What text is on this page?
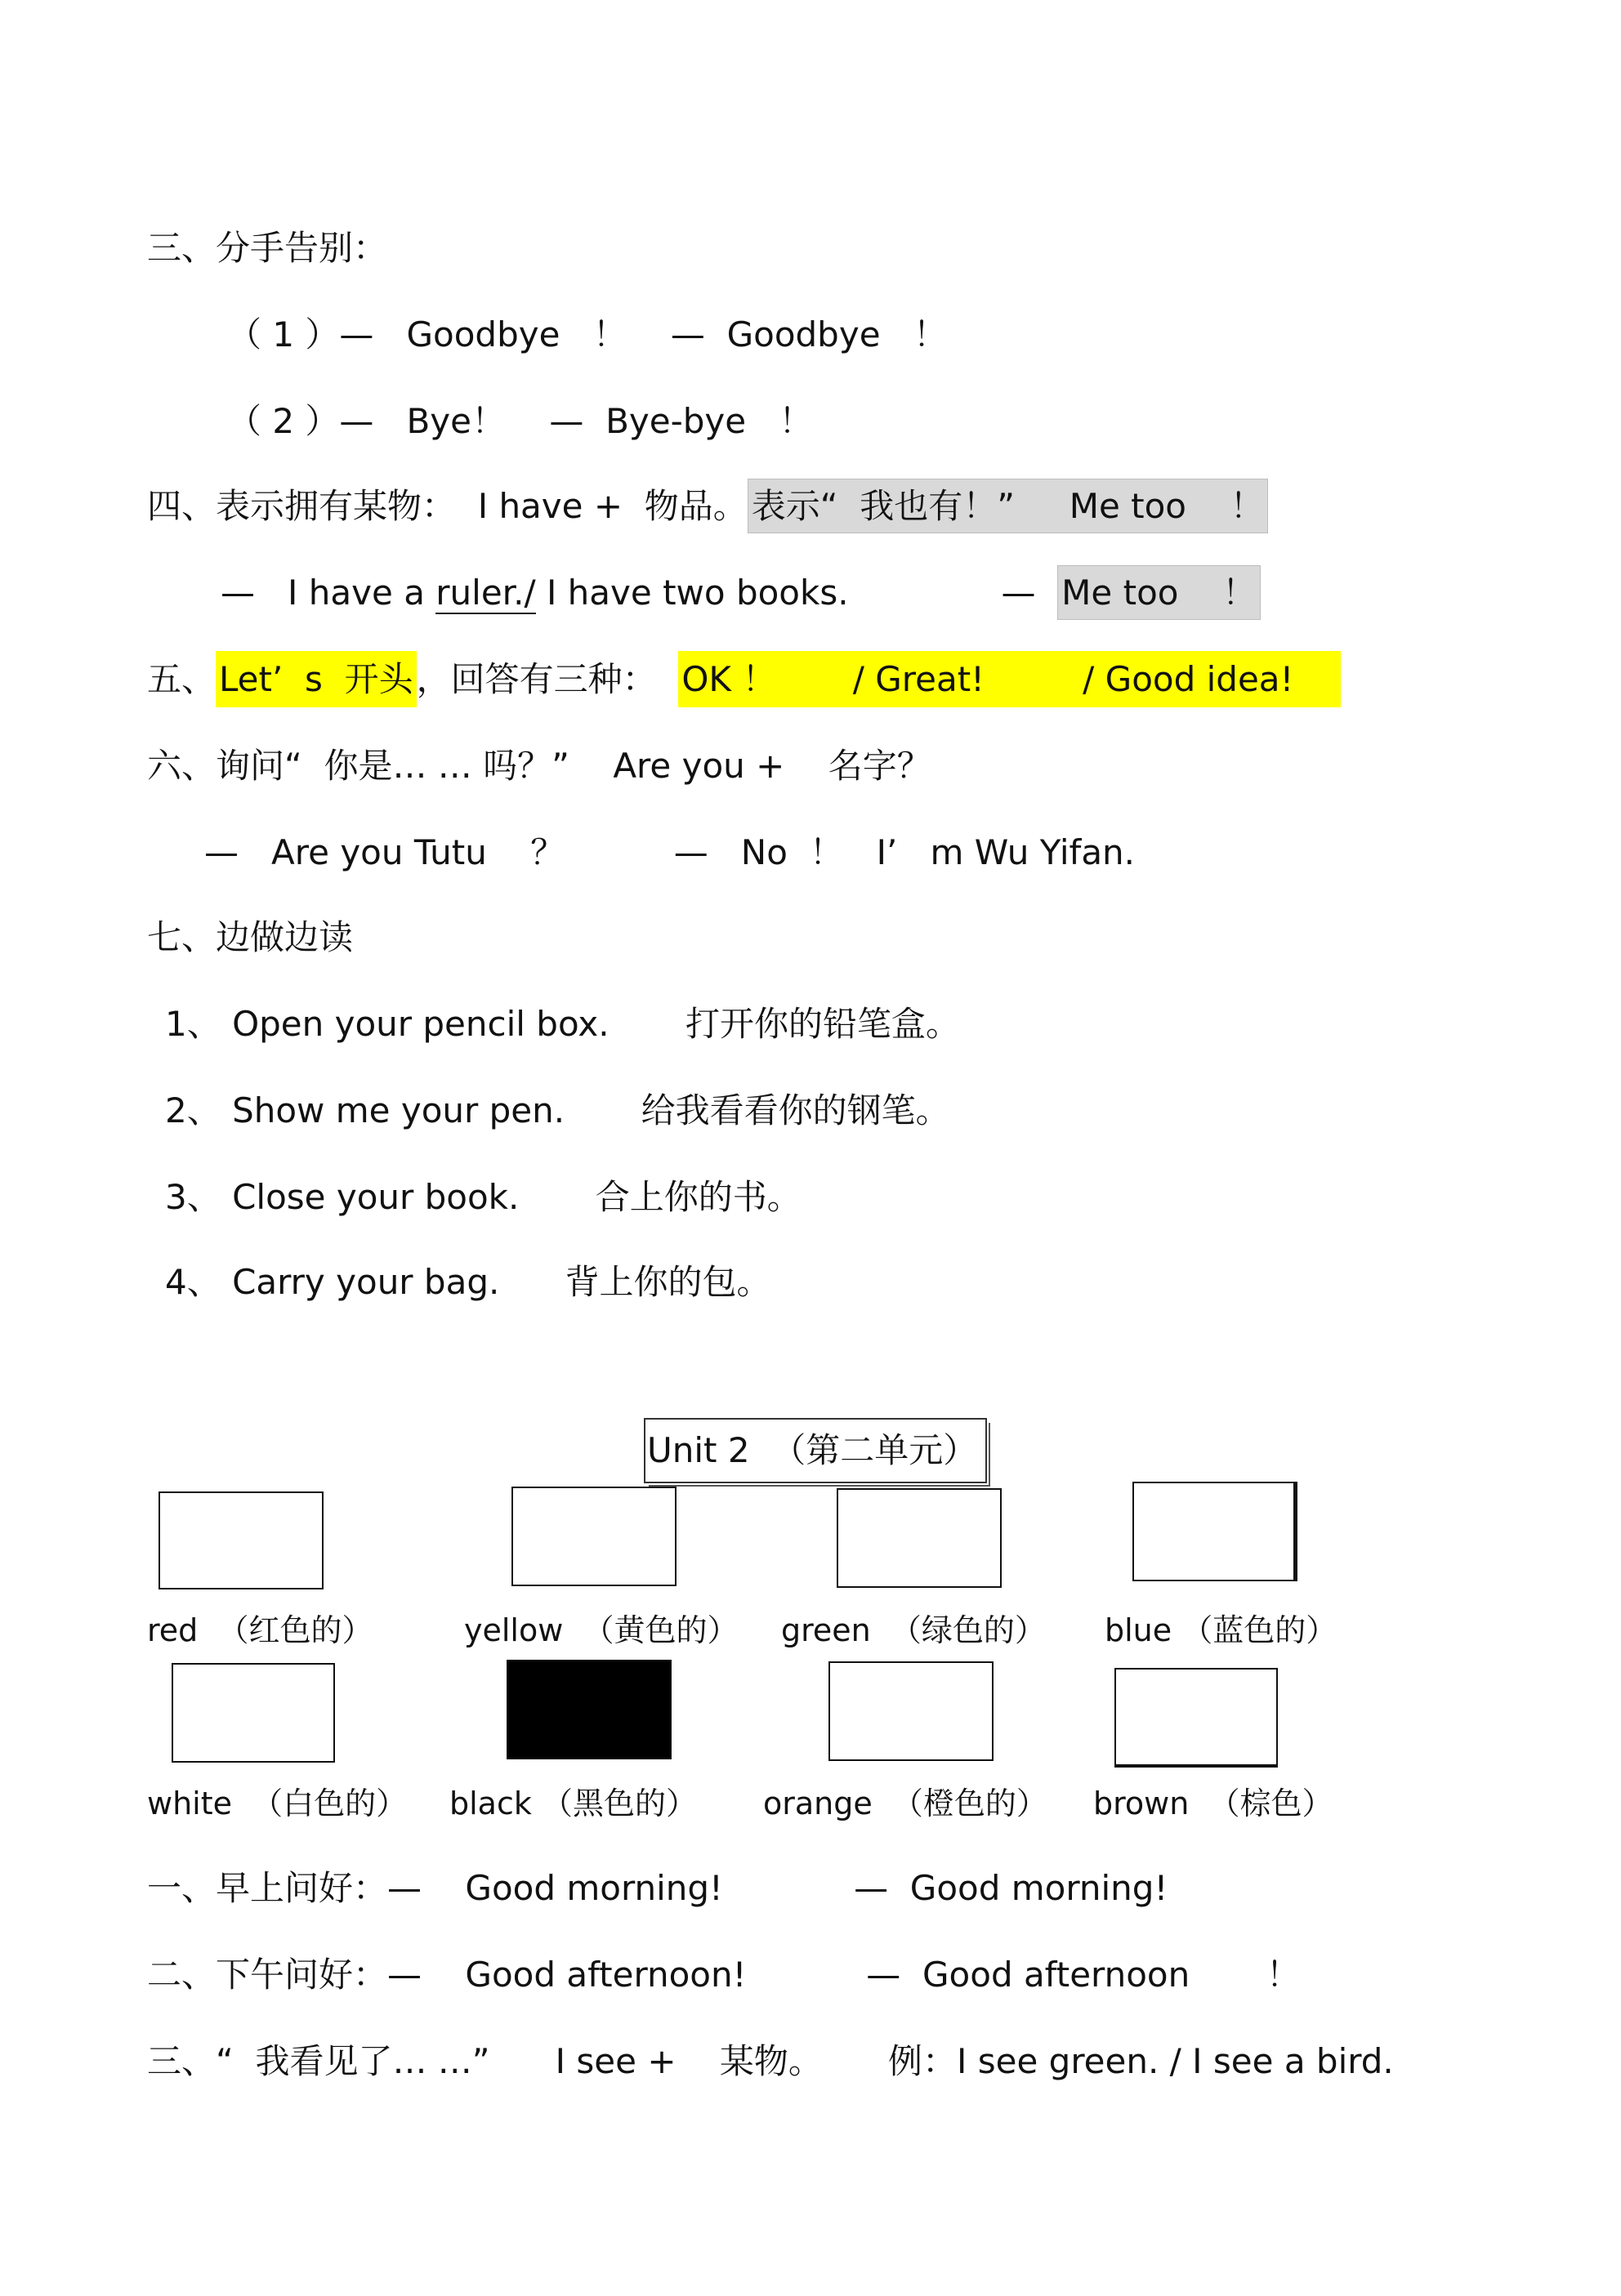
三、分手告别：
（ 1 ）—   Goodbye   ！    —  Goodbye   ！
（ 2 ）—   Bye！    —  Bye-bye   ！
四、表示拥有某物：  I have +  物品。 表示“  我也有！”     Me too    ！
—   I have a ruler./ I have two books.              —  Me too    ！
五、Let’  s  开头，回答有三种：  OK ！       / Great!         / Good idea!
六、询问“  你是… … 吗？”    Are you +    名字？
—   Are you Tutu    ？          —   No  ！   I’   m Wu Yifan.
七、边做边读
1、 Open your pencil box.       打开你的铅笔盒。
2、 Show me your pen.       给我看看你的钢笔。
3、 Close your book.       合上你的书。
4、 Carry your bag.      背上你的包。
Unit 2  （第二单元）
red  （红色的）	yellow  （黄色的） green  （绿色的） blue （蓝色的）
white  （白色的） black （黑色的） orange  （橙色的） brown  （棕色）
一、早上问好：—    Good morning!            —  Good morning!
二、下午问好：—    Good afternoon!           —  Good afternoon       ！
三、“  我看见了… …”      I see +    某物。      例：I see green. / I see a bird.
